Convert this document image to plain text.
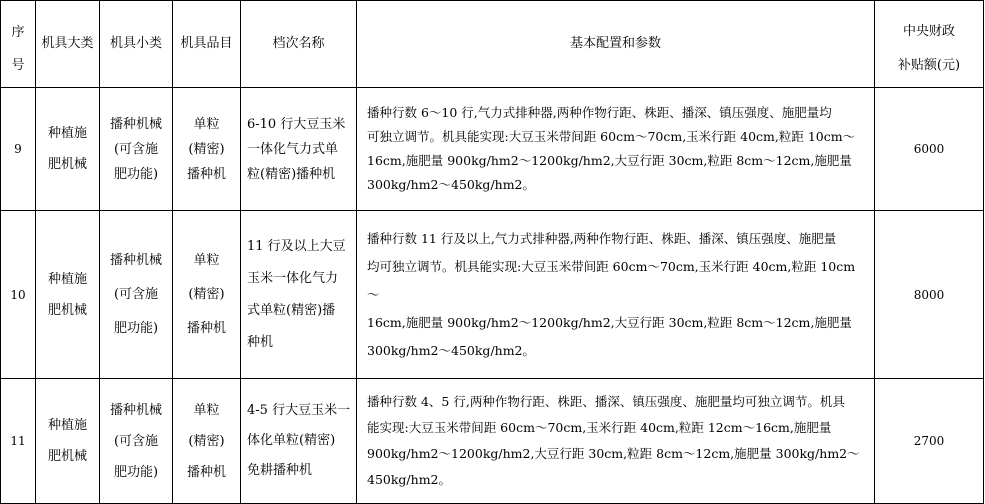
序
号	机具大类	机具小类	机具品目	档次名称	基本配置和参数	中央财政
补贴额(元)

9	种植施
肥机械	播种机械
(可含施
肥功能)	单粒
(精密)
播种机	6-10 行大豆玉米
一体化气力式单
粒(精密)播种机	播种行数 6～10 行,气力式排种器,两种作物行距、株距、播深、镇压强度、施肥量均
可独立调节。机具能实现:大豆玉米带间距 60cm～70cm,玉米行距 40cm,粒距 10cm～
16cm,施肥量 900kg/hm2～1200kg/hm2,大豆行距 30cm,粒距 8cm～12cm,施肥量
300kg/hm2～450kg/hm2。	6000
10	种植施
肥机械	播种机械
(可含施
肥功能)	单粒
(精密)
播种机	11 行及以上大豆
玉米一体化气力
式单粒(精密)播
种机	播种行数 11 行及以上,气力式排种器,两种作物行距、株距、播深、镇压强度、施肥量
均可独立调节。机具能实现:大豆玉米带间距 60cm～70cm,玉米行距 40cm,粒距 10cm～
16cm,施肥量 900kg/hm2～1200kg/hm2,大豆行距 30cm,粒距 8cm～12cm,施肥量
300kg/hm2～450kg/hm2。	8000
11	种植施
肥机械	播种机械
(可含施
肥功能)	单粒
(精密)
播种机	4-5 行大豆玉米一
体化单粒(精密)
免耕播种机	播种行数 4、5 行,两种作物行距、株距、播深、镇压强度、施肥量均可独立调节。机具
能实现:大豆玉米带间距 60cm～70cm,玉米行距 40cm,粒距 12cm～16cm,施肥量
900kg/hm2～1200kg/hm2,大豆行距 30cm,粒距 8cm～12cm,施肥量 300kg/hm2～
450kg/hm2。	2700
